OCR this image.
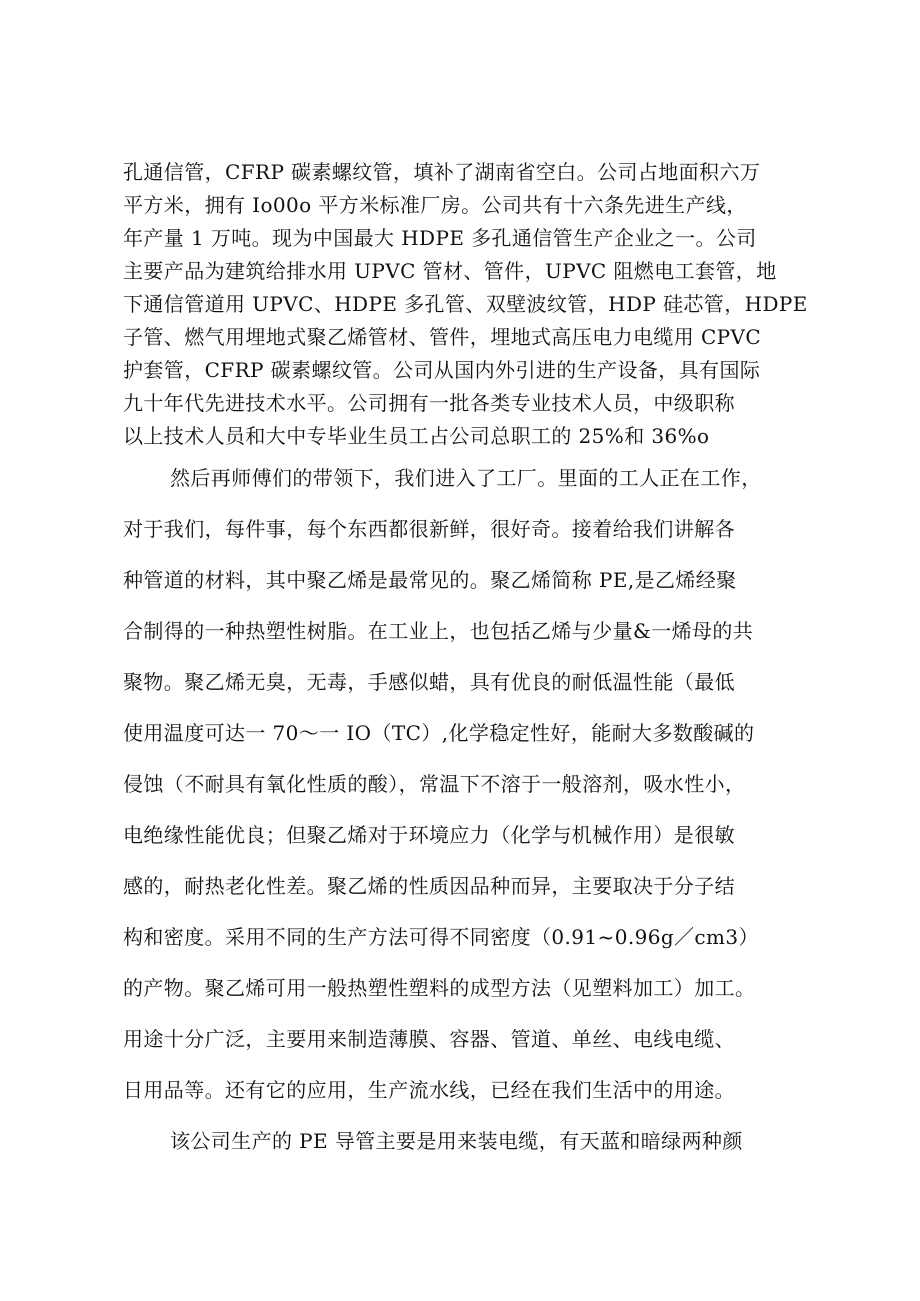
孔通信管，CFRP 碳素螺纹管，填补了湖南省空白。公司占地面积六万
平方米，拥有 Io00o 平方米标准厂房。公司共有十六条先进生产线，
年产量 1 万吨。现为中国最大 HDPE 多孔通信管生产企业之一。公司
主要产品为建筑给排水用 UPVC 管材、管件，UPVC 阻燃电工套管，地
下通信管道用 UPVC、HDPE 多孔管、双壁波纹管，HDP 硅芯管，HDPE
子管、燃气用埋地式聚乙烯管材、管件，埋地式高压电力电缆用 CPVC
护套管，CFRP 碳素螺纹管。公司从国内外引进的生产设备，具有国际
九十年代先进技术水平。公司拥有一批各类专业技术人员，中级职称
以上技术人员和大中专毕业生员工占公司总职工的 25%和 36%o
然后再师傅们的带领下，我们进入了工厂。里面的工人正在工作，
对于我们，每件事，每个东西都很新鲜，很好奇。接着给我们讲解各
种管道的材料，其中聚乙烯是最常见的。聚乙烯简称 PE,是乙烯经聚
合制得的一种热塑性树脂。在工业上，也包括乙烯与少量&一烯母的共
聚物。聚乙烯无臭，无毒，手感似蜡，具有优良的耐低温性能（最低
使用温度可达一 70～一 IO（TC）,化学稳定性好，能耐大多数酸碱的
侵蚀（不耐具有氧化性质的酸），常温下不溶于一般溶剂，吸水性小，
电绝缘性能优良；但聚乙烯对于环境应力（化学与机械作用）是很敏
感的，耐热老化性差。聚乙烯的性质因品种而异，主要取决于分子结
构和密度。采用不同的生产方法可得不同密度（0.91~0.96g／cm3）
的产物。聚乙烯可用一般热塑性塑料的成型方法（见塑料加工）加工。
用途十分广泛，主要用来制造薄膜、容器、管道、单丝、电线电缆、
日用品等。还有它的应用，生产流水线，已经在我们生活中的用途。
该公司生产的 PE 导管主要是用来装电缆，有天蓝和暗绿两种颜
